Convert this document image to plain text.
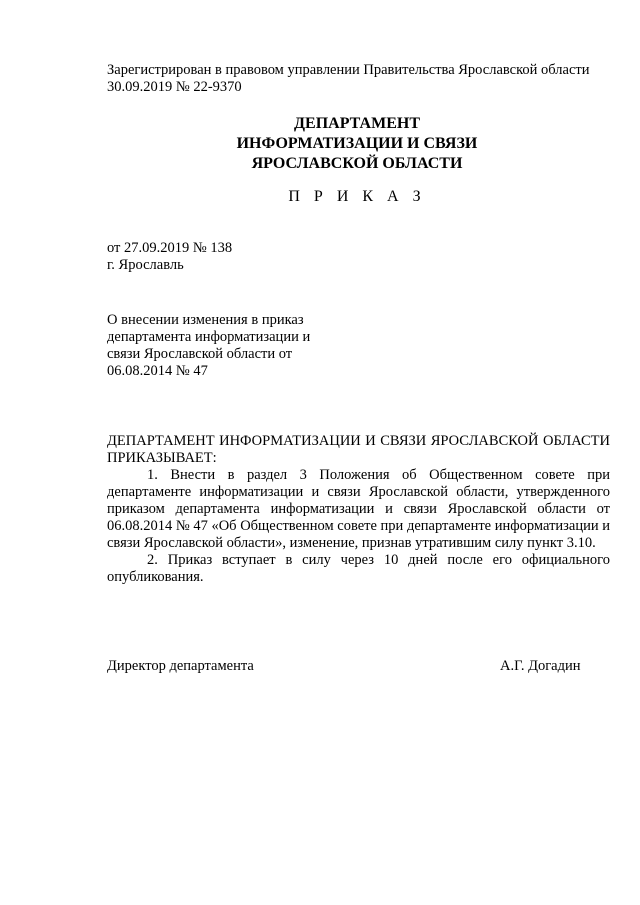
Зарегистрирован в правовом управлении Правительства Ярославской области
30.09.2019 № 22-9370
ДЕПАРТАМЕНТ
ИНФОРМАТИЗАЦИИ И СВЯЗИ
ЯРОСЛАВСКОЙ ОБЛАСТИ
П Р И К А З
от 27.09.2019 № 138
г. Ярославль
О внесении изменения в приказ
департамента информатизации и
связи Ярославской области от
06.08.2014 № 47

ДЕПАРТАМЕНТ ИНФОРМАТИЗАЦИИ И СВЯЗИ ЯРОСЛАВСКОЙ ОБЛАСТИ ПРИКАЗЫВАЕТ:

1. Внести в раздел 3 Положения об Общественном совете при департаменте информатизации и связи Ярославской области, утвержденного приказом департамента информатизации и связи Ярославской области от 06.08.2014 № 47 «Об Общественном совете при департаменте информатизации и связи Ярославской области», изменение, признав утратившим силу пункт 3.10.

2. Приказ вступает в силу через 10 дней после его официального опубликования.

Директор департамента	А.Г. Догадин
